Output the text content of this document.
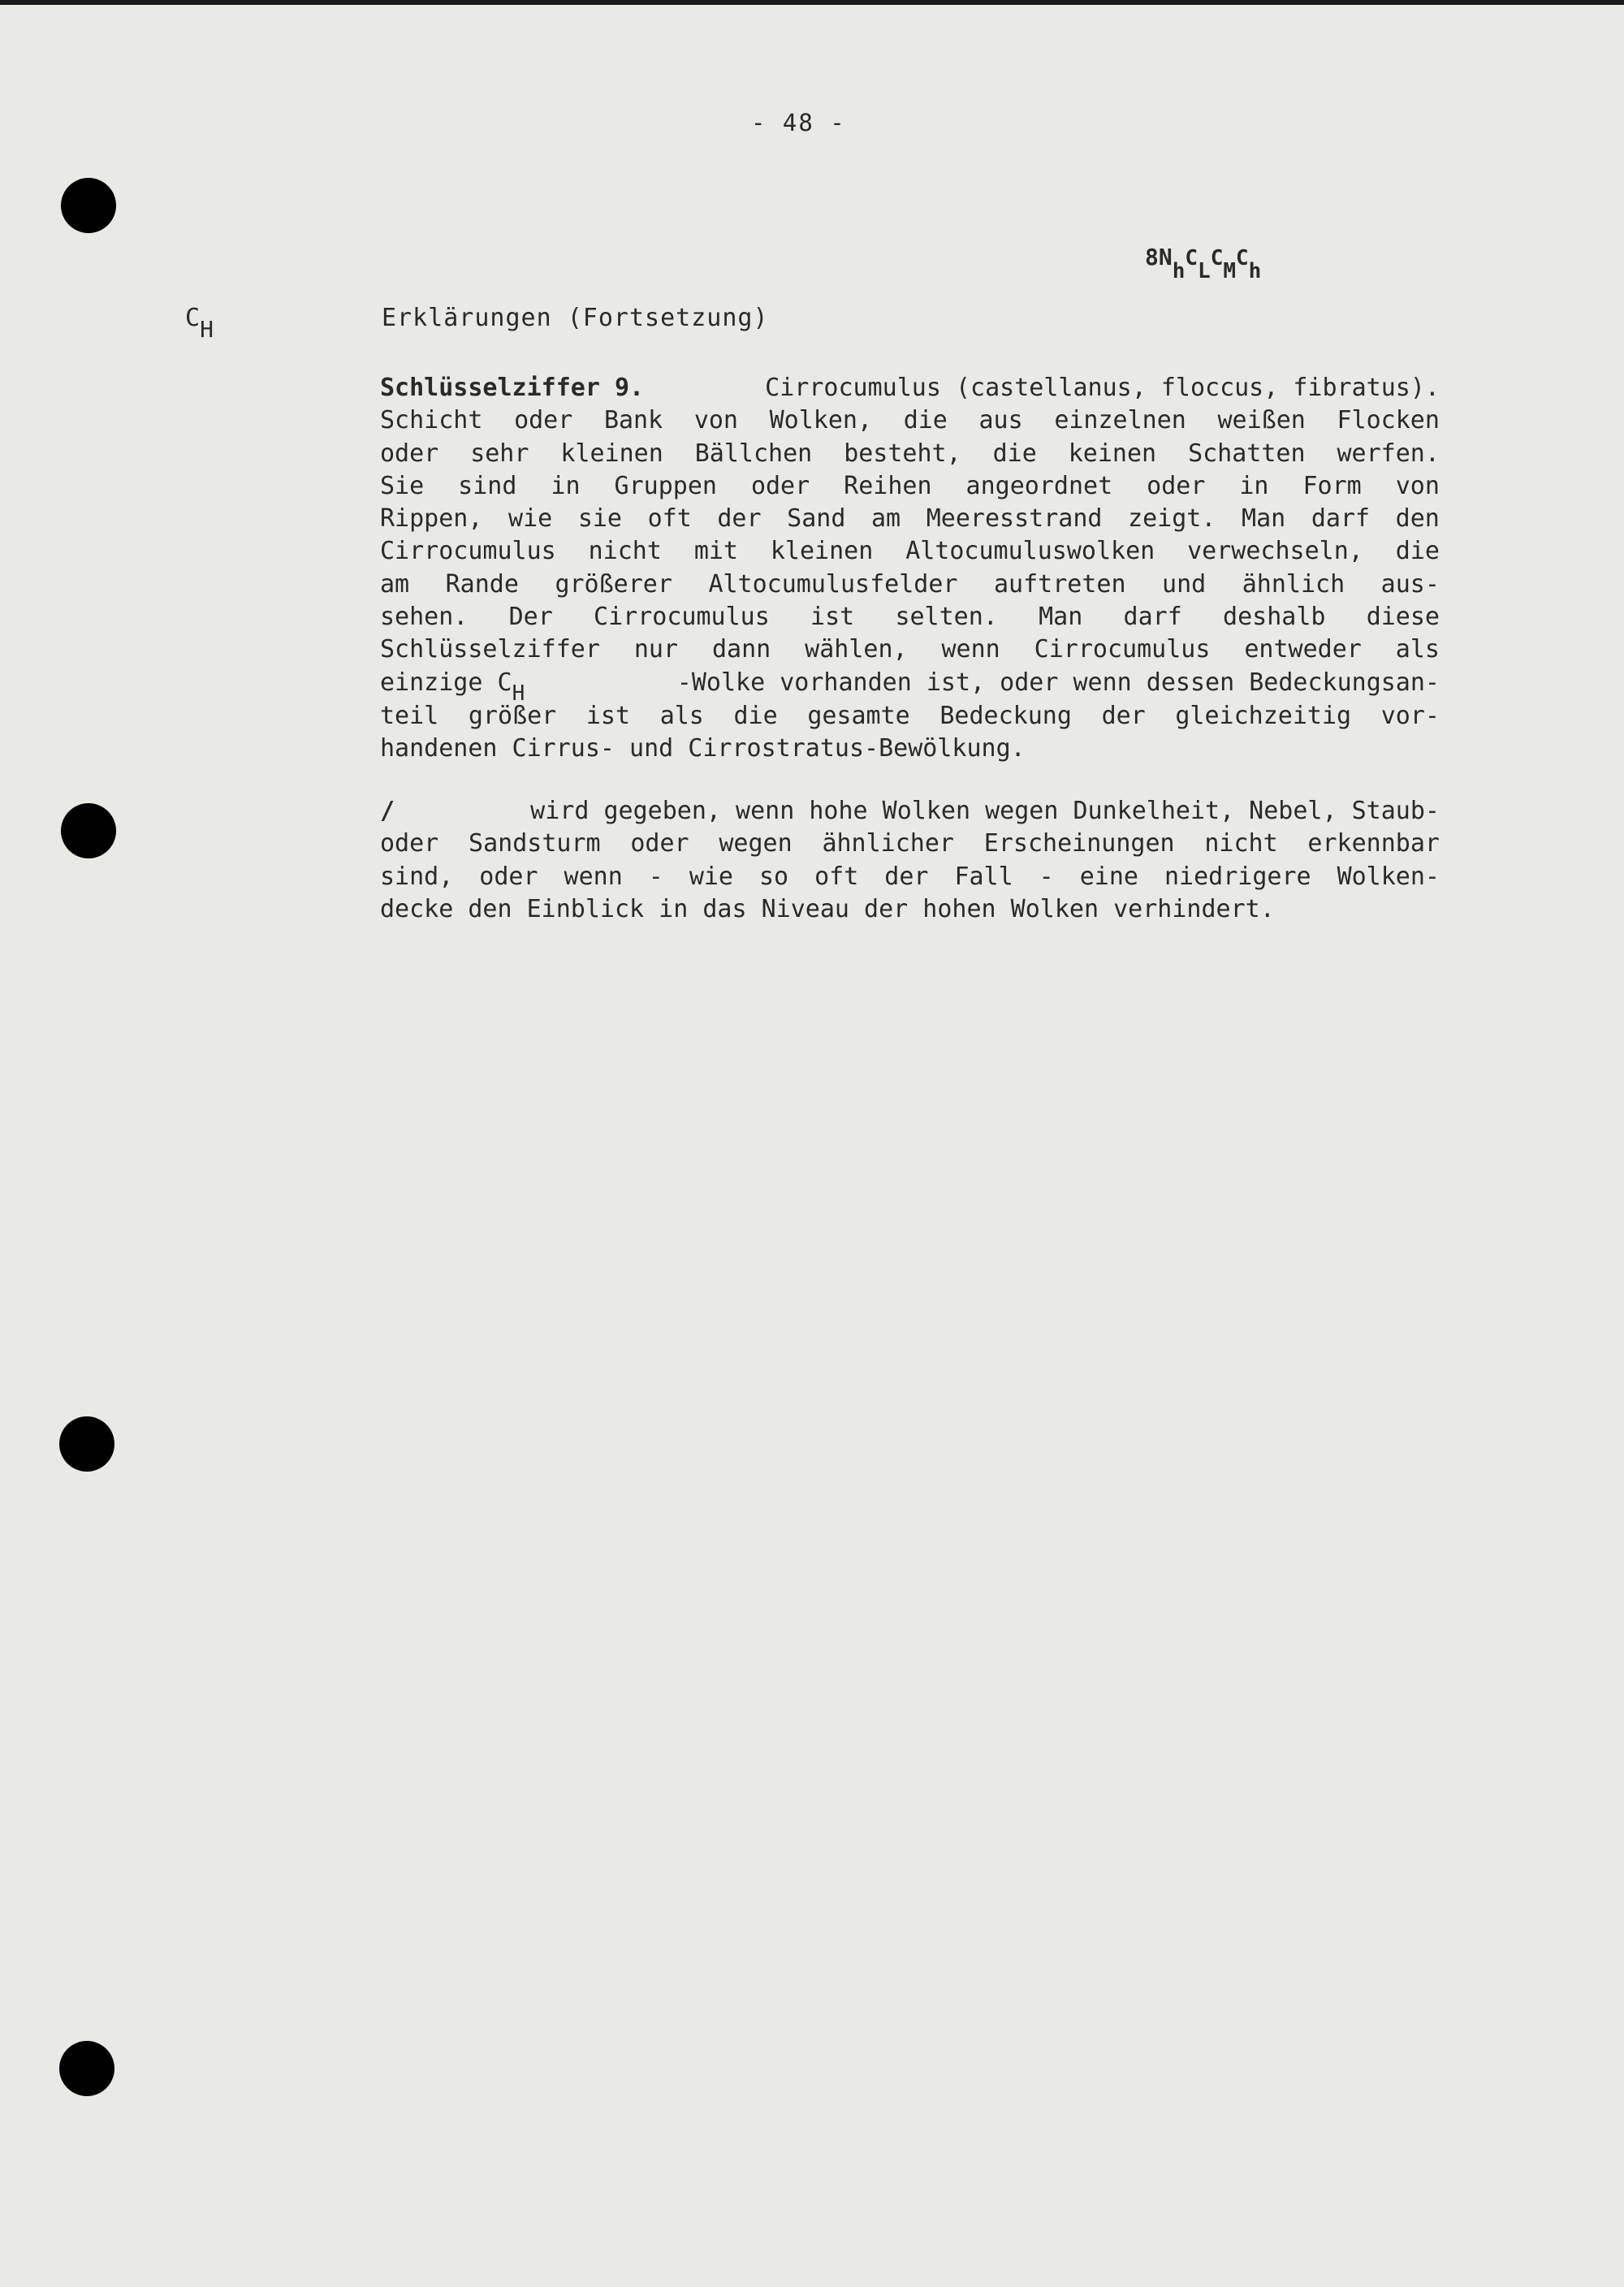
- 48 -
8NhCLCMCh
CH	Erklärungen (Fortsetzung)
Schlüsselziffer 9.	Cirrocumulus (castellanus, floccus, fibratus).
Schicht oder Bank von Wolken, die aus einzelnen weißen Flocken
oder sehr kleinen Bällchen besteht, die keinen Schatten werfen.
Sie sind in Gruppen oder Reihen angeordnet oder in Form von
Rippen, wie sie oft der Sand am Meeresstrand zeigt. Man darf den
Cirrocumulus nicht mit kleinen Altocumuluswolken verwechseln, die
am Rande größerer Altocumulusfelder auftreten und ähnlich aus-
sehen. Der Cirrocumulus ist selten. Man darf deshalb diese
Schlüsselziffer nur dann wählen, wenn Cirrocumulus entweder als
einzige CH	-Wolke vorhanden ist, oder wenn dessen Bedeckungsan-
teil größer ist als die gesamte Bedeckung der gleichzeitig vor-
handenen Cirrus- und Cirrostratus-Bewölkung.
/	wird gegeben, wenn hohe Wolken wegen Dunkelheit, Nebel, Staub-
oder Sandsturm oder wegen ähnlicher Erscheinungen nicht erkennbar
sind, oder wenn - wie so oft der Fall - eine niedrigere Wolken-
decke den Einblick in das Niveau der hohen Wolken verhindert.
